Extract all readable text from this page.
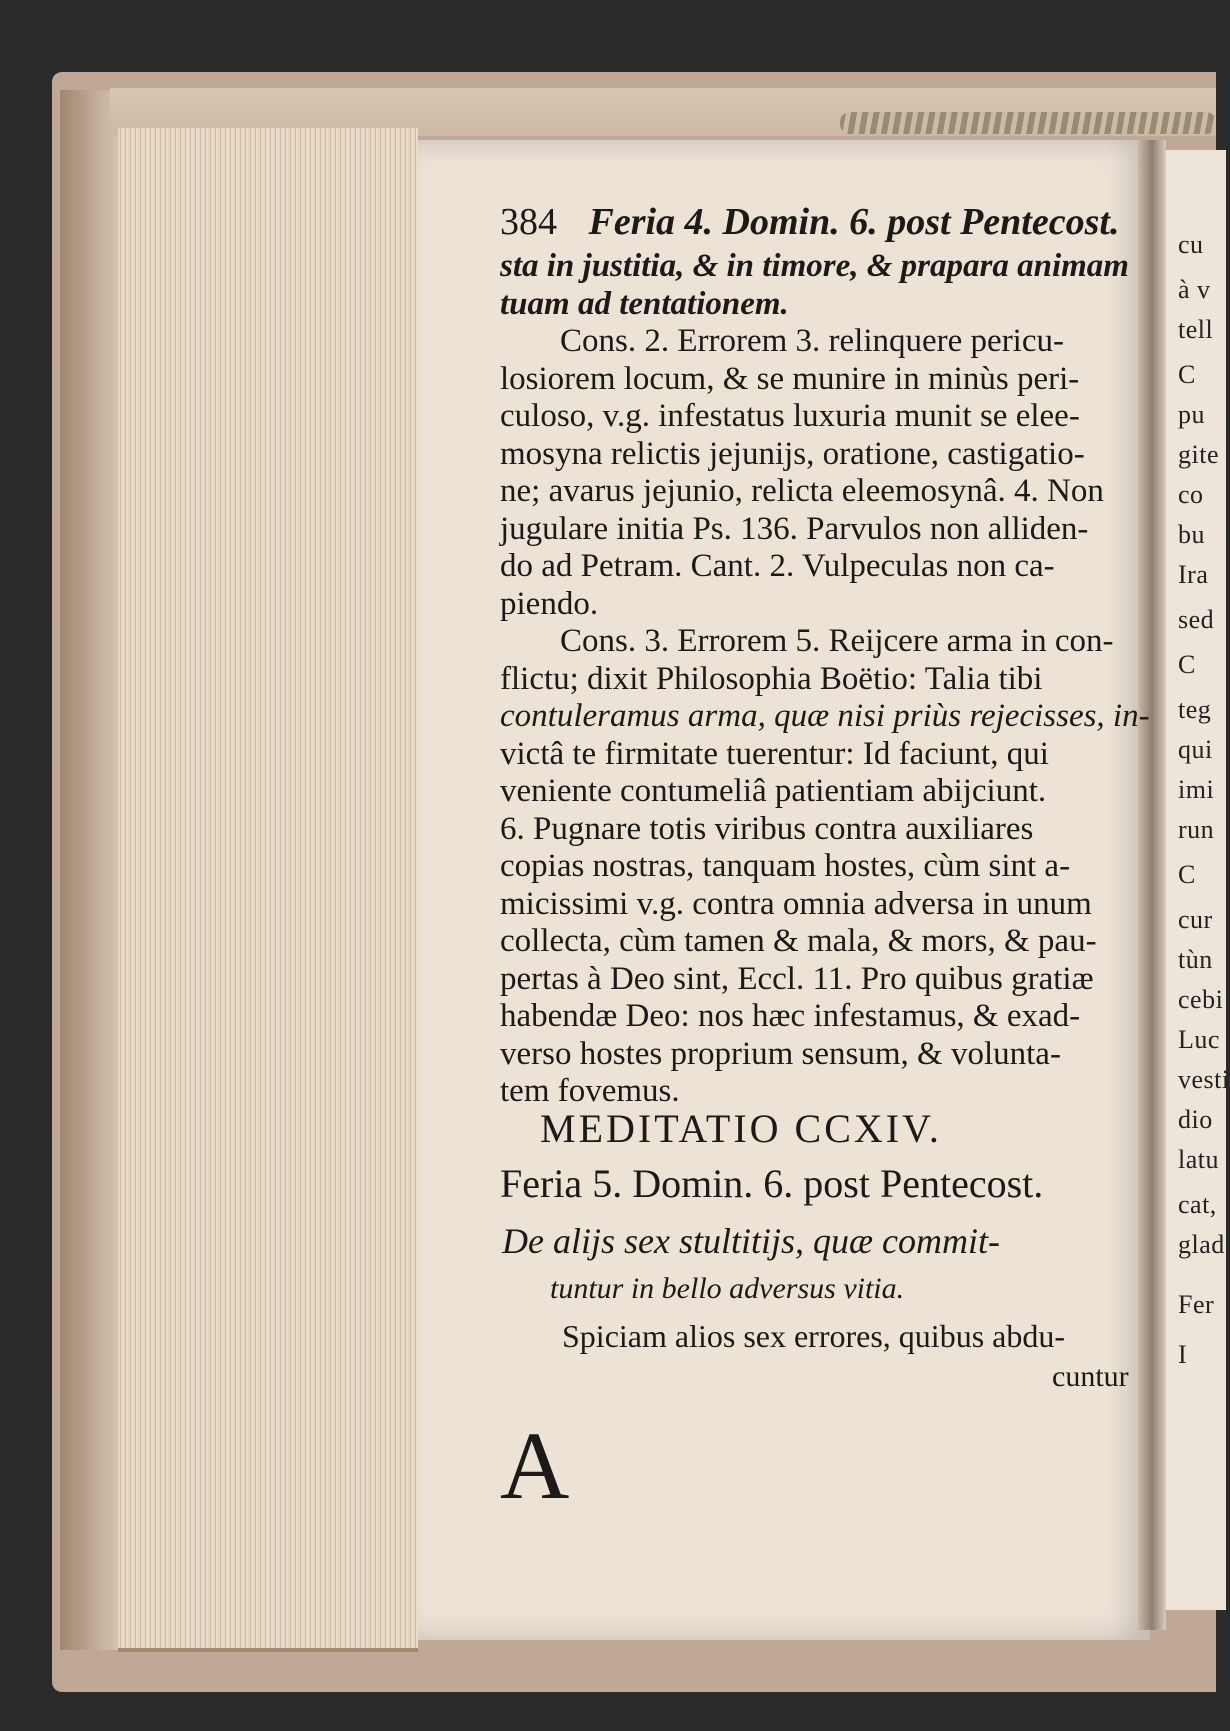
cu
à v
tell
C
pu
gite
co
bu
Ira
sed
C
teg
qui
imi
run
C
cur
tùn
cebi
Luc
vesti
dio
latu
cat,
glad
Fer
I
384 Feria 4. Domin. 6. post Pentecost.
sta in justitia, & in timore, & prapara animam
tuam ad tentationem.
Cons. 2. Errorem 3. relinquere pericu-
losiorem locum, & se munire in minùs peri-
culoso, v.g. infestatus luxuria munit se elee-
mosyna relictis jejunijs, oratione, castigatio-
ne; avarus jejunio, relicta eleemosynâ. 4. Non
jugulare initia Ps. 136. Parvulos non alliden-
do ad Petram. Cant. 2. Vulpeculas non ca-
piendo.
Cons. 3. Errorem 5. Reijcere arma in con-
flictu; dixit Philosophia Boëtio: Talia tibi
contuleramus arma, quæ nisi priùs rejecisses, in-
victâ te firmitate tuerentur: Id faciunt, qui
veniente contumeliâ patientiam abijciunt.
6. Pugnare totis viribus contra auxiliares
copias nostras, tanquam hostes, cùm sint a-
micissimi v.g. contra omnia adversa in unum
collecta, cùm tamen & mala, & mors, & pau-
pertas à Deo sint, Eccl. 11. Pro quibus gratiæ
habendæ Deo: nos hæc infestamus, & exad-
verso hostes proprium sensum, & volunta-
tem fovemus.
MEDITATIO CCXIV.
Feria 5. Domin. 6. post Pentecost.
De alijs sex stultitijs, quæ commit-
tuntur in bello adversus vitia.
Spiciam alios sex errores, quibus abdu-
cuntur
A
